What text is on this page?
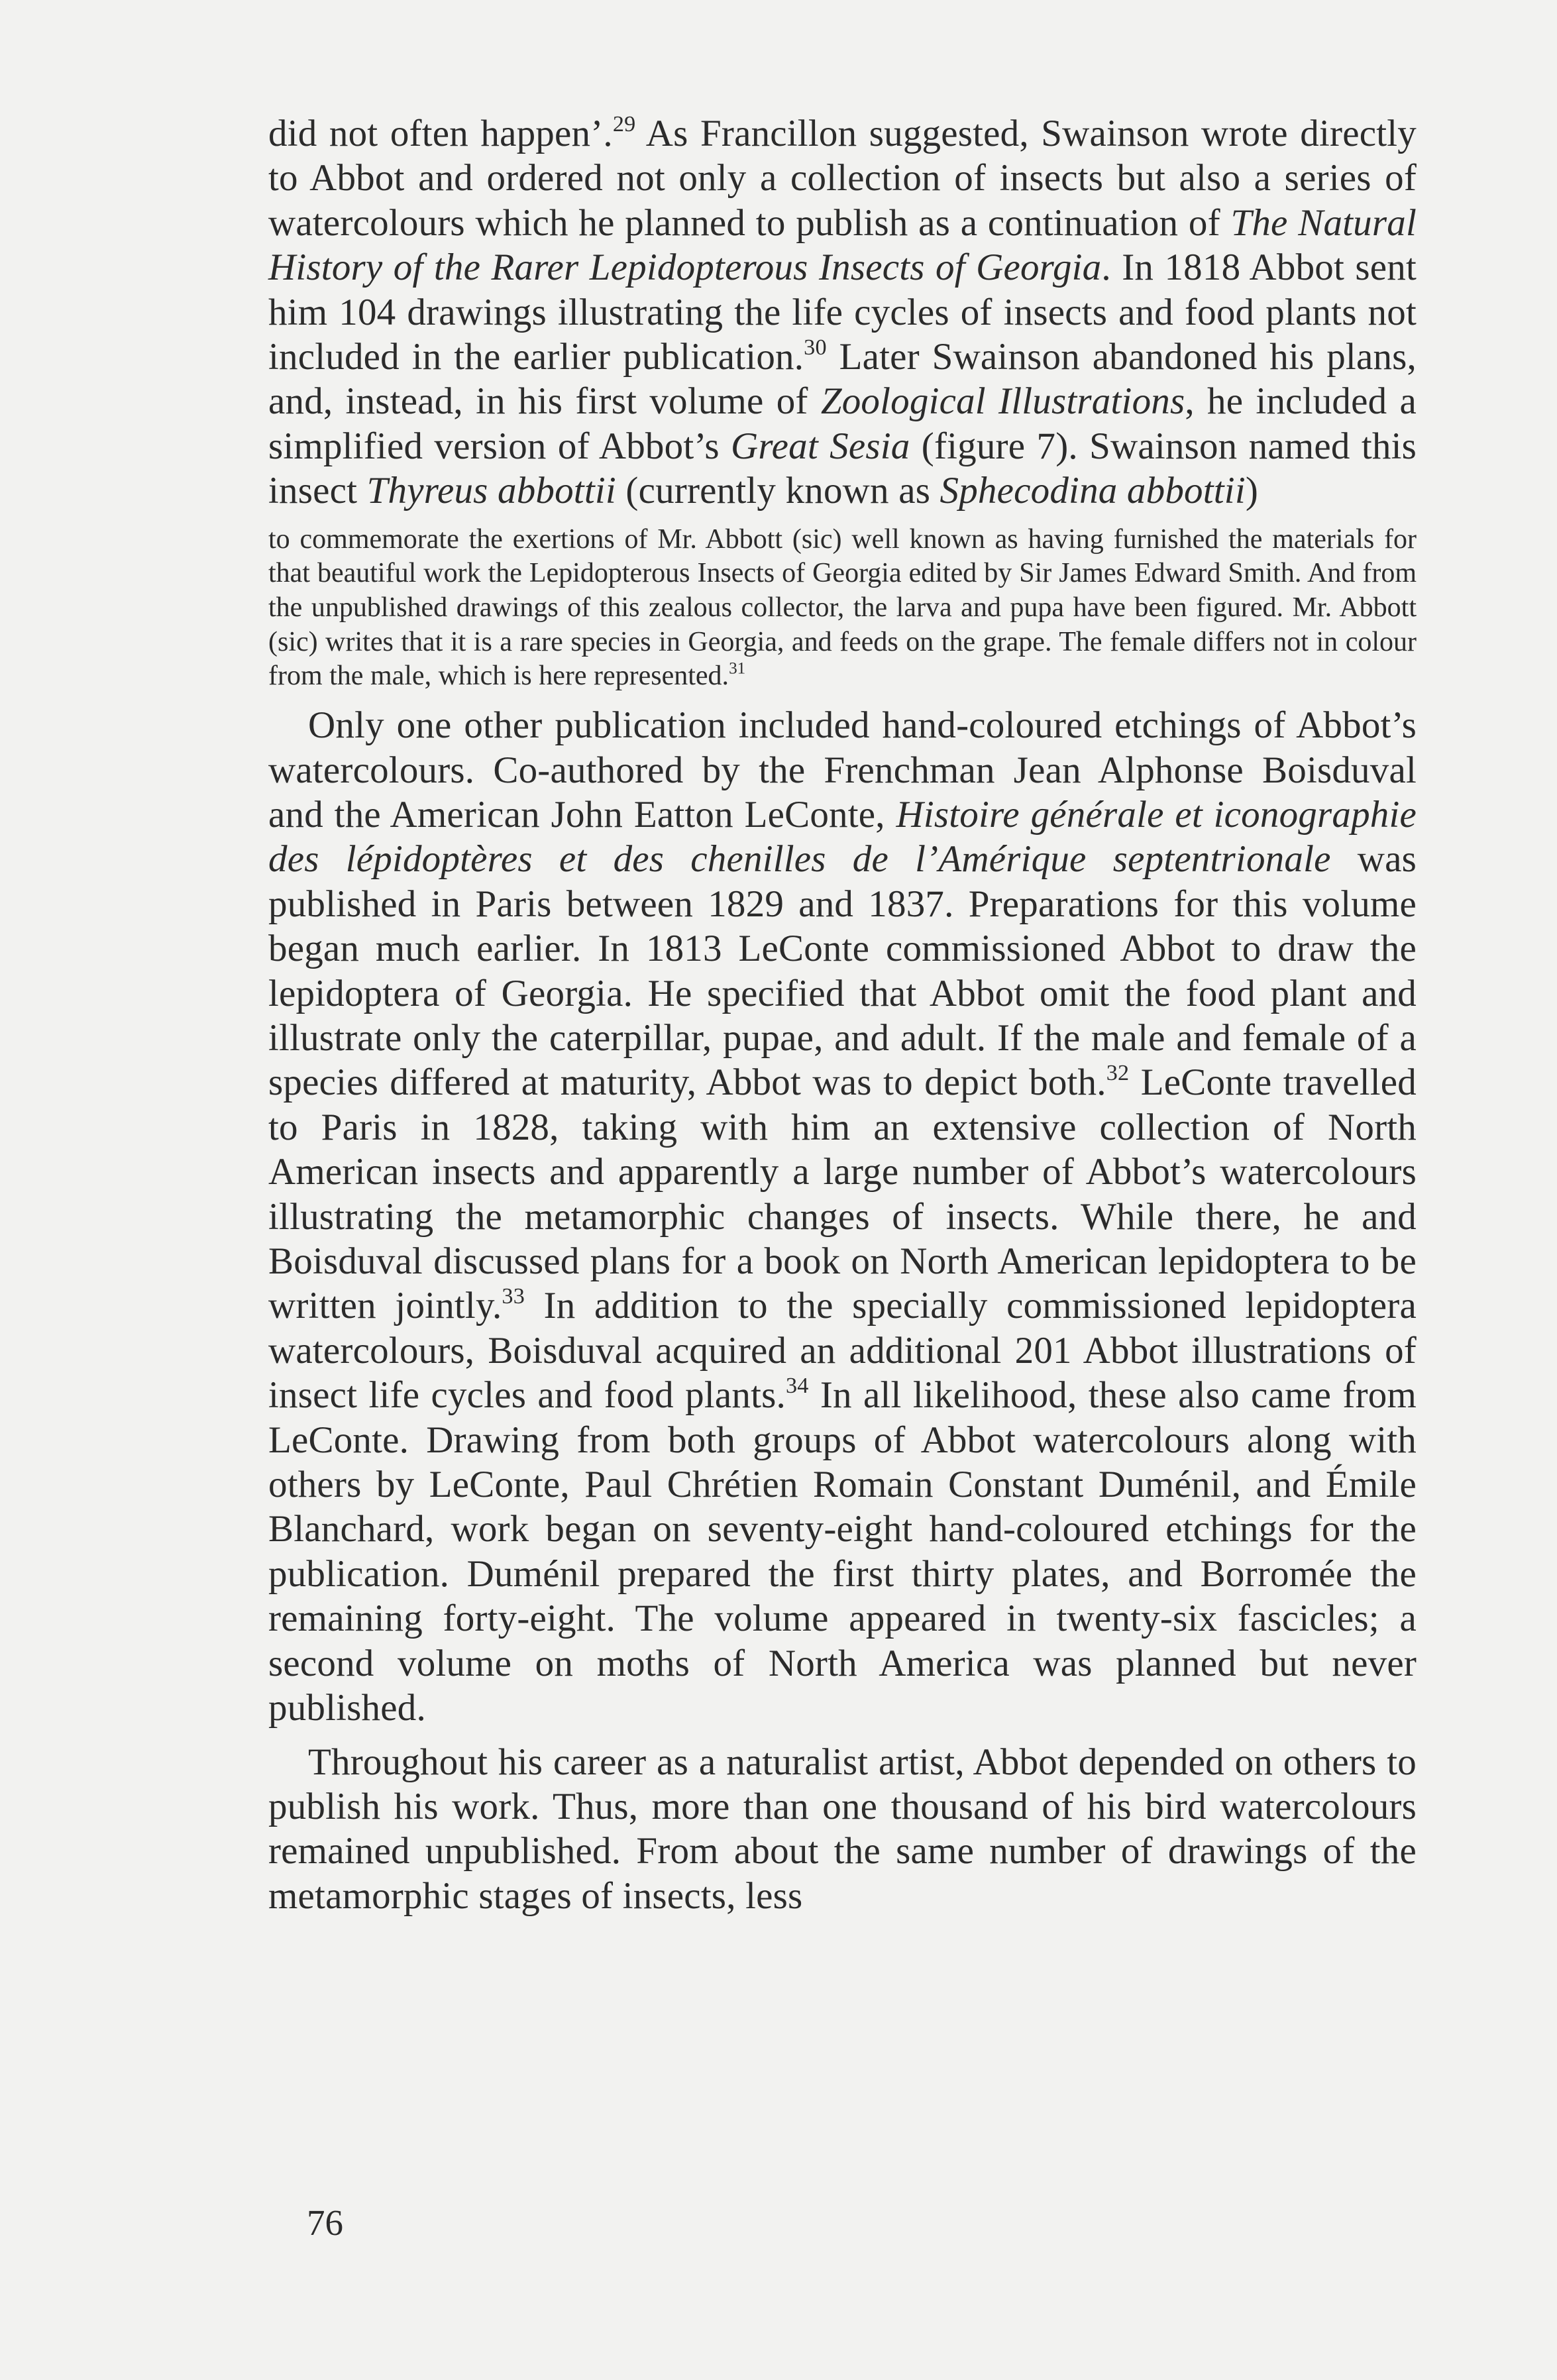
did not often happen’.$^{29}$ As Francillon suggested, Swainson wrote directly to Abbot and ordered not only a collection of insects but also a series of watercolours which he planned to publish as a continuation of The Natural History of the Rarer Lepidopterous Insects of Georgia. In 1818 Abbot sent him 104 drawings illustrating the life cycles of insects and food plants not included in the earlier publication.$^{30}$ Later Swainson abandoned his plans, and, instead, in his first volume of Zoological Illustrations, he included a simplified version of Abbot’s Great Sesia (figure 7). Swainson named this insect Thyreus abbottii (currently known as Sphecodina abbottii)

to commemorate the exertions of Mr. Abbott (sic) well known as having furnished the materials for that beautiful work the Lepidopterous Insects of Georgia edited by Sir James Edward Smith. And from the unpublished drawings of this zealous collector, the larva and pupa have been figured. Mr. Abbott (sic) writes that it is a rare species in Georgia, and feeds on the grape. The female differs not in colour from the male, which is here represented.$^{31}$

Only one other publication included hand-coloured etchings of Abbot’s watercolours. Co-authored by the Frenchman Jean Alphonse Boisduval and the American John Eatton LeConte, Histoire générale et iconographie des lépidoptères et des chenilles de l’Amérique septentrionale was published in Paris between 1829 and 1837. Preparations for this volume began much earlier. In 1813 LeConte commissioned Abbot to draw the lepidoptera of Georgia. He specified that Abbot omit the food plant and illustrate only the caterpillar, pupae, and adult. If the male and female of a species differed at maturity, Abbot was to depict both.$^{32}$ LeConte travelled to Paris in 1828, taking with him an extensive collection of North American insects and apparently a large number of Abbot’s watercolours illustrating the metamorphic changes of insects. While there, he and Boisduval discussed plans for a book on North American lepidoptera to be written jointly.$^{33}$ In addition to the specially commissioned lepidoptera watercolours, Boisduval acquired an additional 201 Abbot illustrations of insect life cycles and food plants.$^{34}$ In all likelihood, these also came from LeConte. Drawing from both groups of Abbot watercolours along with others by LeConte, Paul Chrétien Romain Constant Duménil, and Émile Blanchard, work began on seventy-eight hand-coloured etchings for the publication. Duménil prepared the first thirty plates, and Borromée the remaining forty-eight. The volume appeared in twenty-six fascicles; a second volume on moths of North America was planned but never published.

Throughout his career as a naturalist artist, Abbot depended on others to publish his work. Thus, more than one thousand of his bird watercolours remained unpublished. From about the same number of drawings of the metamorphic stages of insects, less

76
